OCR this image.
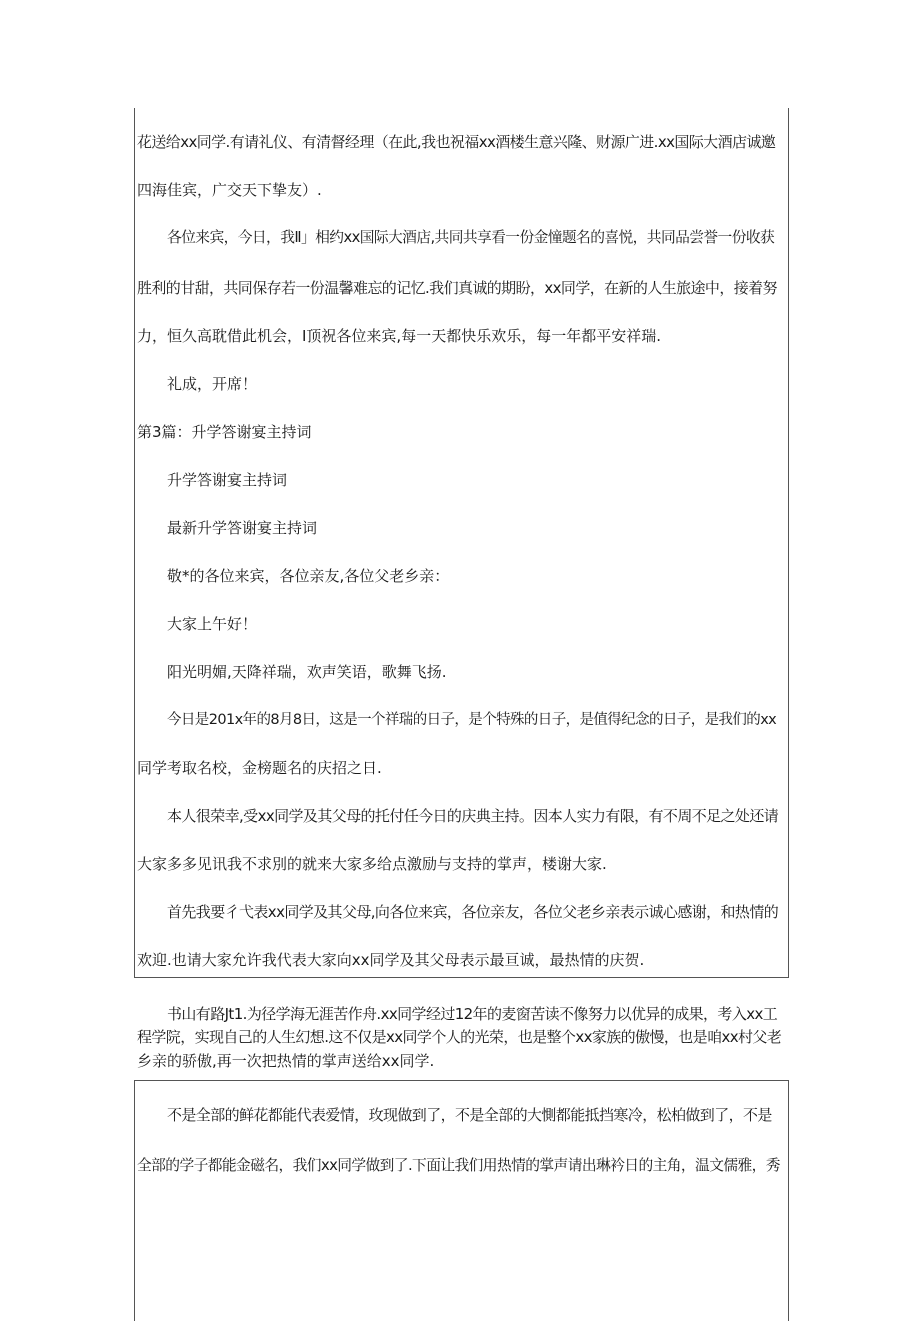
花送给xx同学.有请礼仪、有清督经理（在此,我也祝福xx酒楼生意兴隆、财源广进.xx国际大酒店诚邀

四海佳宾，广交天下挚友）.

各位来宾，今日，我Ⅱ」相约xx国际大酒店,共同共享看一份金憧题名的喜悦，共同品尝誉一份收获

胜利的甘甜，共同保存若一份温馨难忘的记忆.我们真诚的期盼，xx同学，在新的人生旅途中，接着努

力，恒久高耽借此机会，I顶祝各位来宾,每一天都快乐欢乐，每一年都平安祥瑞.

礼成，开席！

第3篇：升学答谢宴主持词

升学答谢宴主持词

最新升学答谢宴主持词

敬*的各位来宾，各位亲友,各位父老乡亲：

大家上午好！

阳光明媚,天降祥瑞，欢声笑语，歌舞飞扬.

今日是201x年的8月8日，这是一个祥瑞的日子，是个特殊的日子，是值得纪念的日子，是我们的xx

同学考取名校，金榜题名的庆招之日.

本人很荣幸,受xx同学及其父母的托付任今日的庆典主持。因本人实力有限，有不周不足之处还请

大家多多见讯我不求別的就来大家多给点激励与支持的掌声，楼谢大家.

首先我要彳弋表xx同学及其父母,向各位来宾，各位亲友，各位父老乡亲表示诚心感谢，和热情的

欢迎.也请大家允许我代表大家向xx同学及其父母表示最亘诚，最热情的庆贺.

书山有路Jt1.为径学海无涯苦作舟.xx同学经过12年的麦窗苦读不像努力以优异的成果，考入xx工

程学院，实现自己的人生幻想.这不仅是xx同学个人的光荣，也是整个xx家族的傲慢，也是咱xx村父老

乡亲的骄傲,再一次把热情的掌声送给xx同学.

不是全部的鲜花都能代表爱情，玫现做到了，不是全部的大惻都能抵挡寒冷，松柏做到了，不是

全部的学子都能金磁名，我们xx同学做到了.下面让我们用热情的掌声请出琳衿日的主角，温文儒雅，秀
